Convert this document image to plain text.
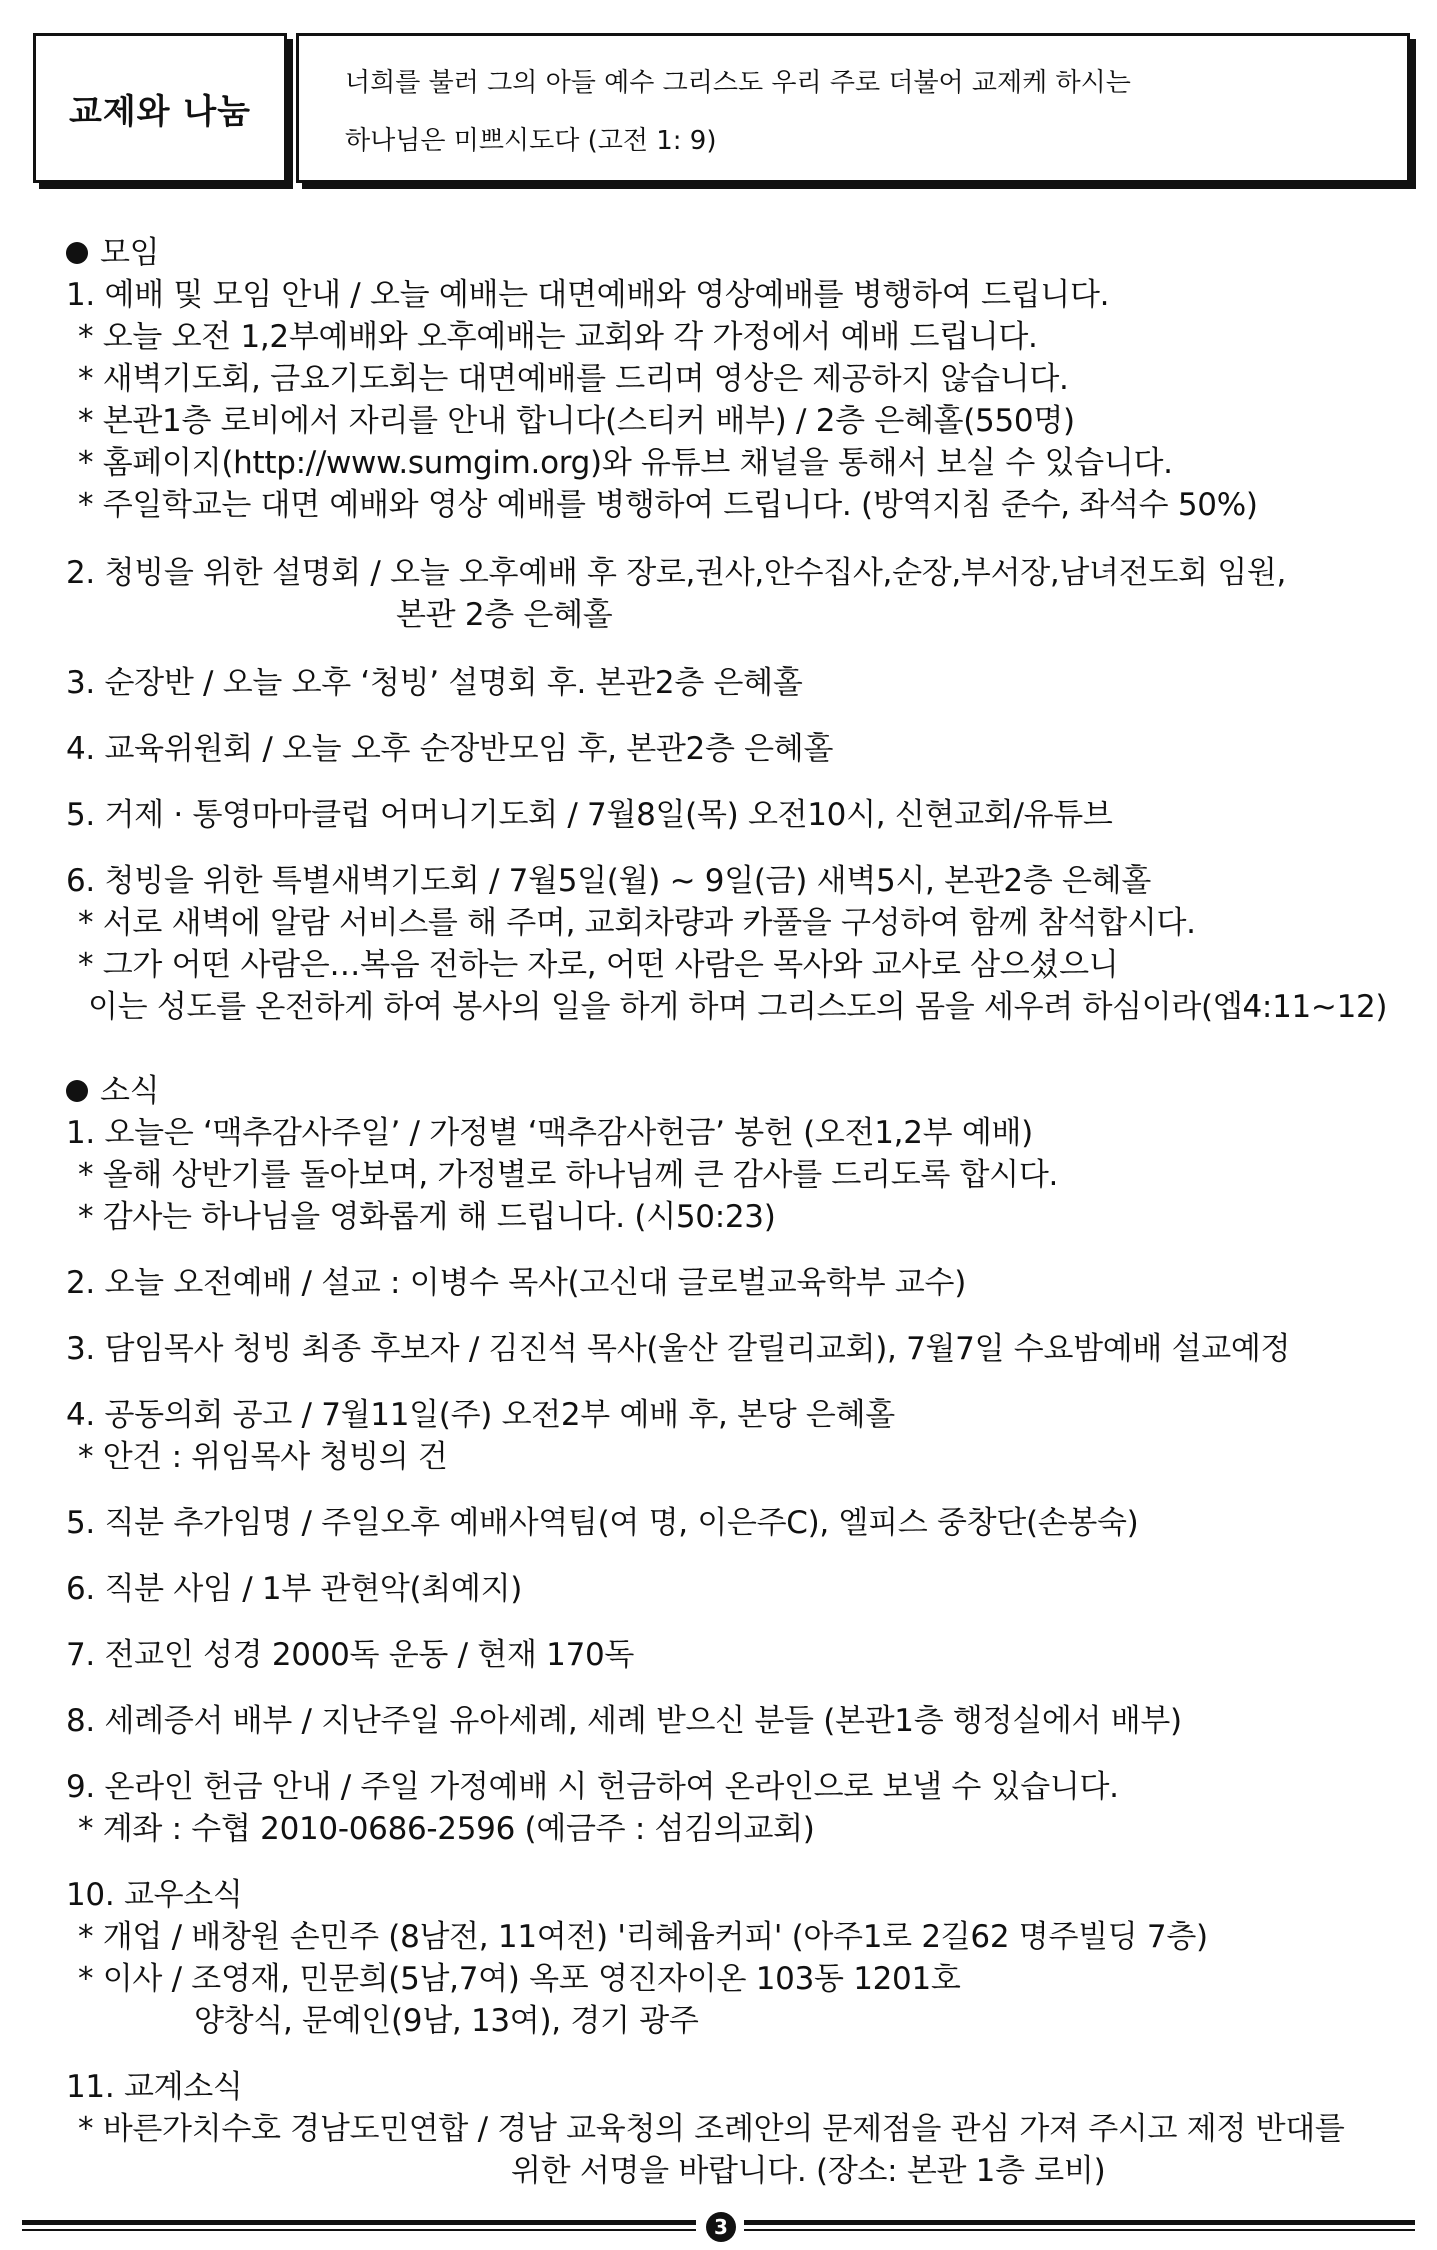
교제와 나눔
너희를 불러 그의 아들 예수 그리스도 우리 주로 더불어 교제케 하시는
하나님은 미쁘시도다 (고전 1: 9)
모임
1. 예배 및 모임 안내 / 오늘 예배는 대면예배와 영상예배를 병행하여 드립니다.
* 오늘 오전 1,2부예배와 오후예배는 교회와 각 가정에서 예배 드립니다.
* 새벽기도회, 금요기도회는 대면예배를 드리며 영상은 제공하지 않습니다.
* 본관1층 로비에서 자리를 안내 합니다(스티커 배부) / 2층 은혜홀(550명)
* 홈페이지(http://www.sumgim.org)와 유튜브 채널을 통해서 보실 수 있습니다.
* 주일학교는 대면 예배와 영상 예배를 병행하여 드립니다. (방역지침 준수, 좌석수 50%)
2. 청빙을 위한 설명회 / 오늘 오후예배 후 장로,권사,안수집사,순장,부서장,남녀전도회 임원,
본관 2층 은혜홀
3. 순장반 / 오늘 오후 ‘청빙’ 설명회 후. 본관2층 은혜홀
4. 교육위원회 / 오늘 오후 순장반모임 후, 본관2층 은혜홀
5. 거제 · 통영마마클럽 어머니기도회 / 7월8일(목) 오전10시, 신현교회/유튜브
6. 청빙을 위한 특별새벽기도회 / 7월5일(월) ~ 9일(금) 새벽5시, 본관2층 은혜홀
* 서로 새벽에 알람 서비스를 해 주며, 교회차량과 카풀을 구성하여 함께 참석합시다.
* 그가 어떤 사람은…복음 전하는 자로, 어떤 사람은 목사와 교사로 삼으셨으니
이는 성도를 온전하게 하여 봉사의 일을 하게 하며 그리스도의 몸을 세우려 하심이라(엡4:11~12)
소식
1. 오늘은 ‘맥추감사주일’ / 가정별 ‘맥추감사헌금’ 봉헌 (오전1,2부 예배)
* 올해 상반기를 돌아보며, 가정별로 하나님께 큰 감사를 드리도록 합시다.
* 감사는 하나님을 영화롭게 해 드립니다. (시50:23)
2. 오늘 오전예배 / 설교 : 이병수 목사(고신대 글로벌교육학부 교수)
3. 담임목사 청빙 최종 후보자 / 김진석 목사(울산 갈릴리교회), 7월7일 수요밤예배 설교예정
4. 공동의회 공고 / 7월11일(주) 오전2부 예배 후, 본당 은혜홀
* 안건 : 위임목사 청빙의 건
5. 직분 추가임명 / 주일오후 예배사역팀(여 명, 이은주C), 엘피스 중창단(손봉숙)
6. 직분 사임 / 1부 관현악(최예지)
7. 전교인 성경 2000독 운동 / 현재 170독
8. 세례증서 배부 / 지난주일 유아세례, 세례 받으신 분들 (본관1층 행정실에서 배부)
9. 온라인 헌금 안내 / 주일 가정예배 시 헌금하여 온라인으로 보낼 수 있습니다.
* 계좌 : 수협 2010-0686-2596 (예금주 : 섬김의교회)
10. 교우소식
* 개업 / 배창원 손민주 (8남전, 11여전) '리혜윰커피' (아주1로 2길62 명주빌딩 7층)
* 이사 / 조영재, 민문희(5남,7여) 옥포 영진자이온 103동 1201호
양창식, 문예인(9남, 13여), 경기 광주
11. 교계소식
* 바른가치수호 경남도민연합 / 경남 교육청의 조례안의 문제점을 관심 가져 주시고 제정 반대를
위한 서명을 바랍니다. (장소: 본관 1층 로비)
3
